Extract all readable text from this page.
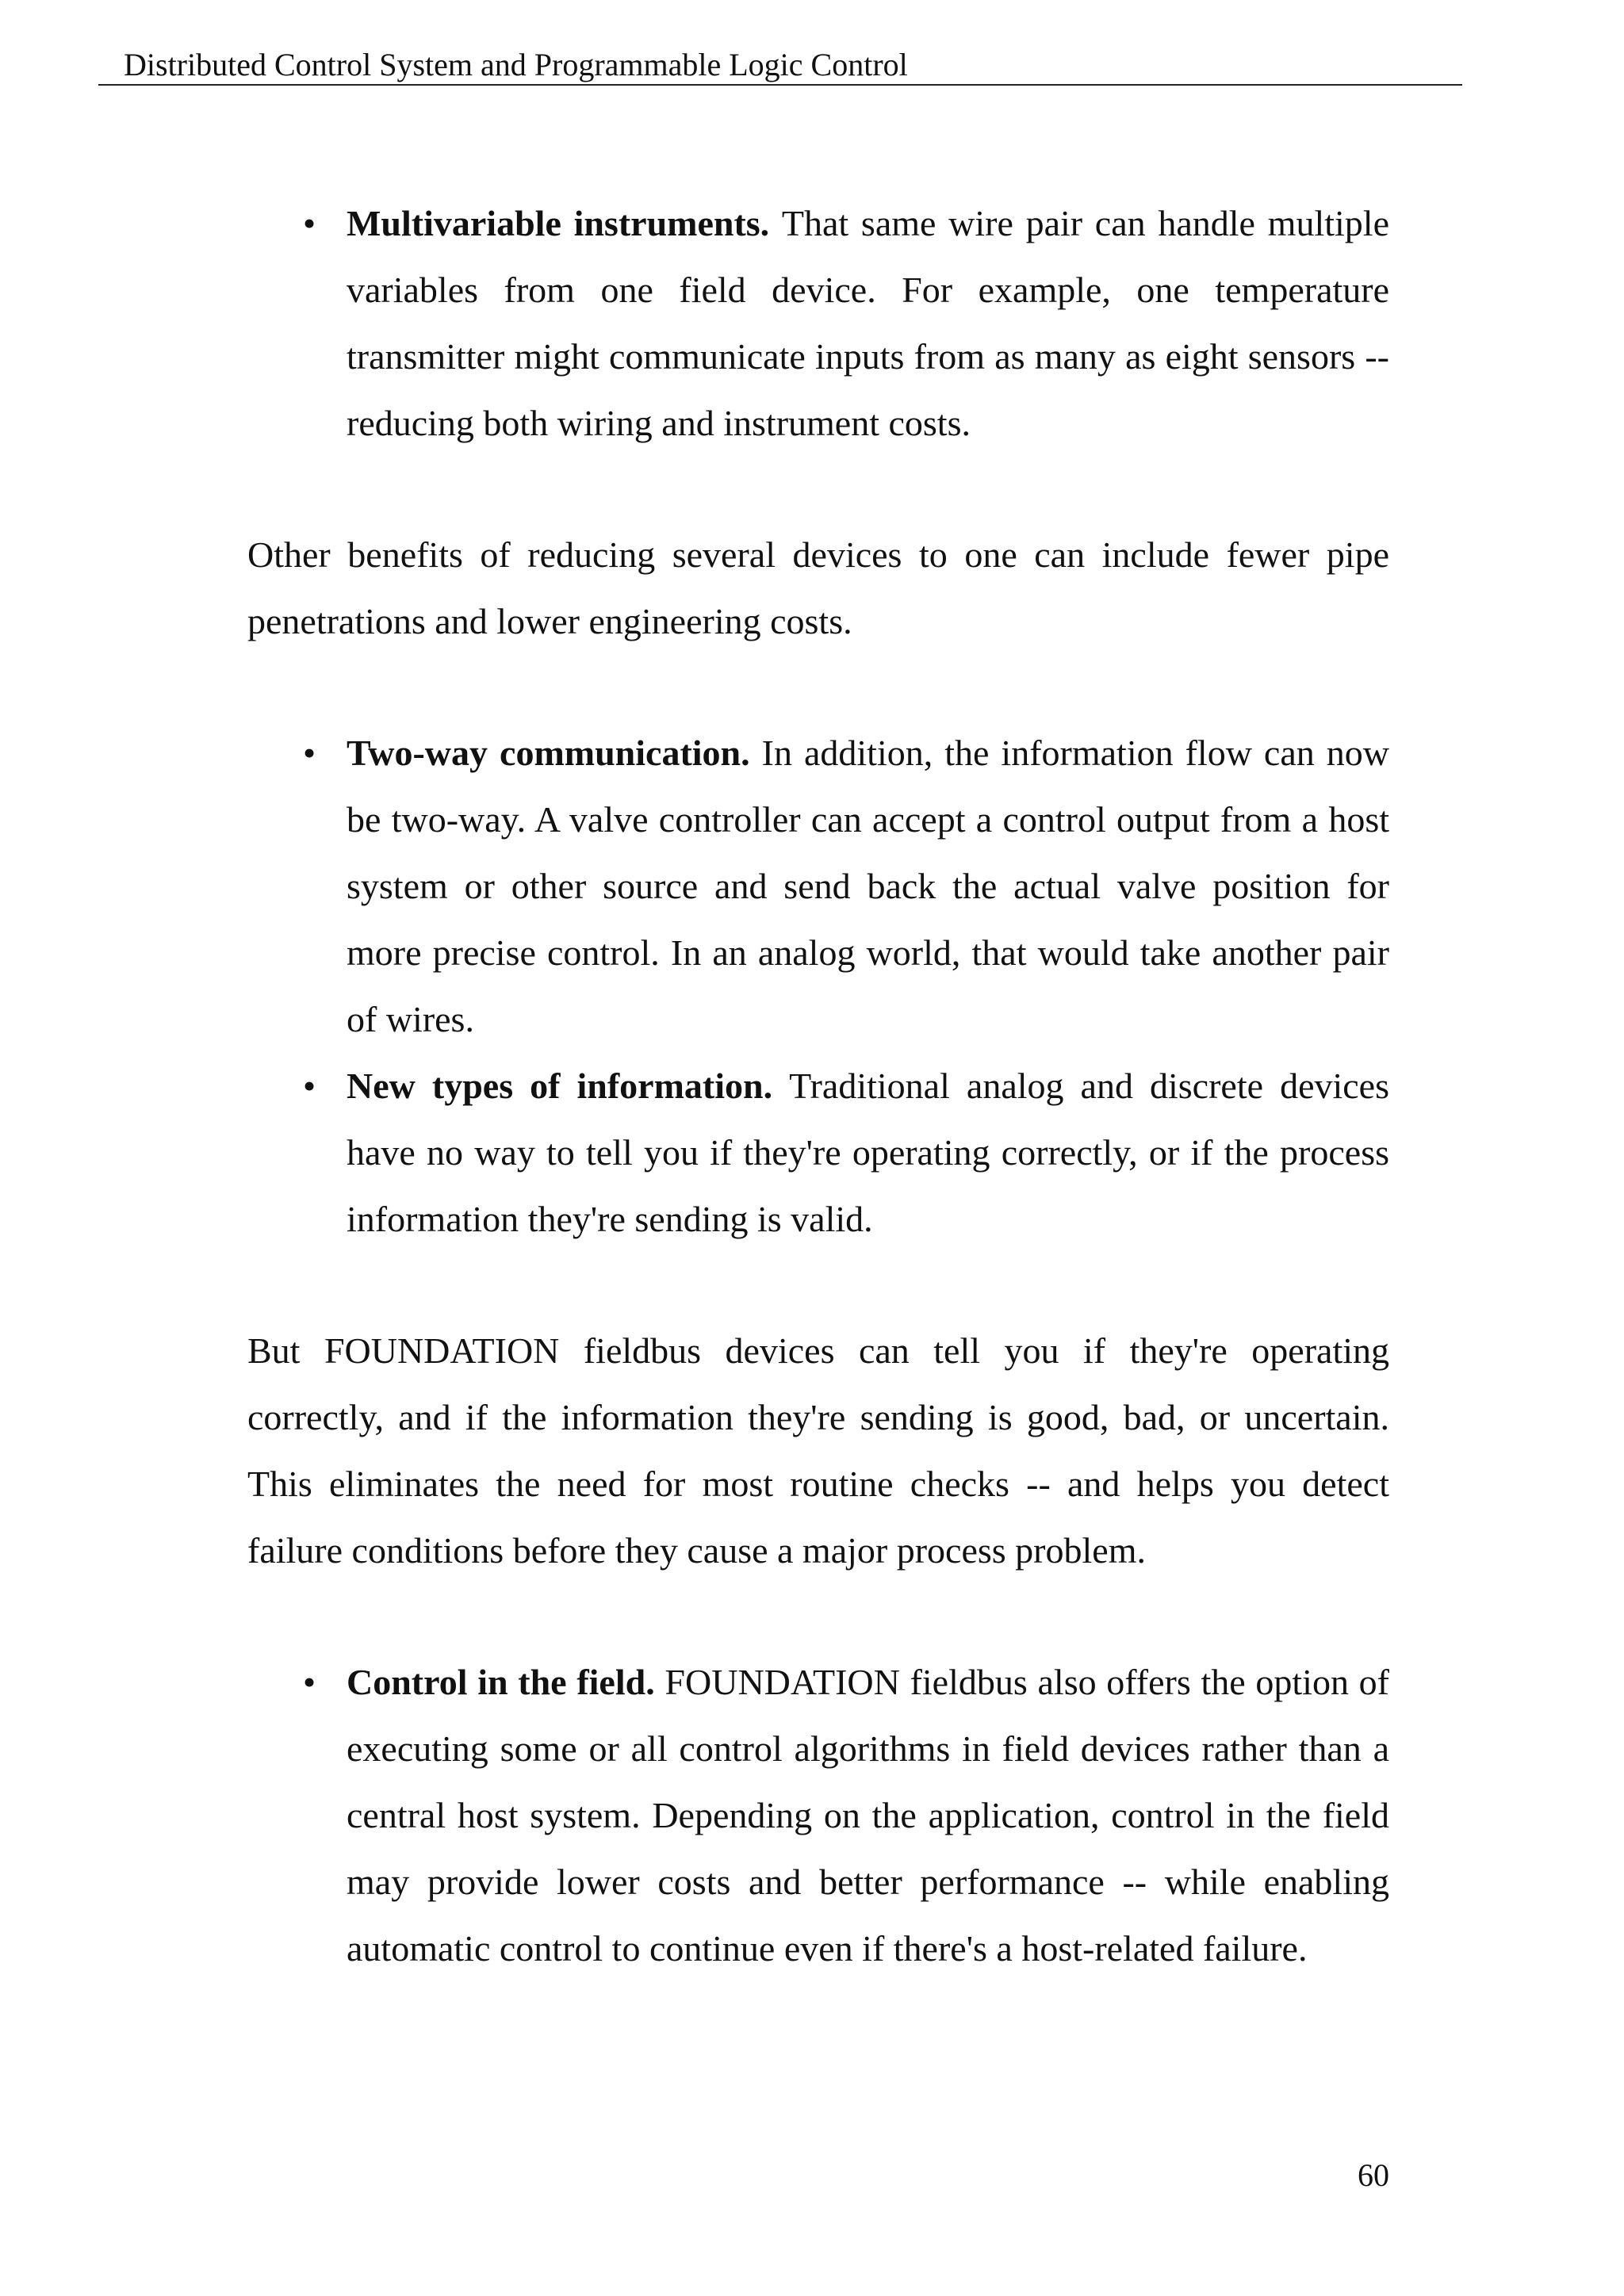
Distributed Control System and Programmable Logic Control
• Multivariable instruments. That same wire pair can handle multiple variables from one field device. For example, one temperature transmitter might communicate inputs from as many as eight sensors -- reducing both wiring and instrument costs.

Other benefits of reducing several devices to one can include fewer pipe penetrations and lower engineering costs.

• Two-way communication. In addition, the information flow can now be two-way. A valve controller can accept a control output from a host system or other source and send back the actual valve position for more precise control. In an analog world, that would take another pair of wires.
• New types of information. Traditional analog and discrete devices have no way to tell you if they're operating correctly, or if the process information they're sending is valid.

But FOUNDATION fieldbus devices can tell you if they're operating correctly, and if the information they're sending is good, bad, or uncertain. This eliminates the need for most routine checks -- and helps you detect failure conditions before they cause a major process problem.

• Control in the field. FOUNDATION fieldbus also offers the option of executing some or all control algorithms in field devices rather than a central host system. Depending on the application, control in the field may provide lower costs and better performance -- while enabling automatic control to continue even if there's a host-related failure.
60
